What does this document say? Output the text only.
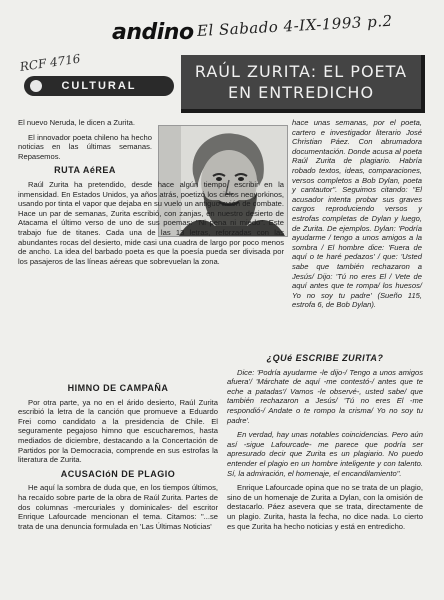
andino El Sabado 4-IX-1993 p.2
RCF 4716
CULTURAL
RAÚL ZURITA: EL POETA EN ENTREDICHO

El nuevo Neruda, le dicen a Zurita.

El innovador poeta chileno ha hecho noticias en las últimas semanas. Repasemos.

RUTA AéREA

Raúl Zurita ha pretendido, desde hace algún tiempo, escribir en la inmensidad. En Estados Unidos, ya años atrás, poetizó los cielos neoyorkinos, usando por tinta el vapor que dejaba en su vuelo un antiguo avión de combate. Hace un par de semanas, Zurita escribió, con zanjas, en nuestro desierto de Atacama el último verso de uno de sus poemas: "Ni pena ni miedo". Este trabajo fue de titanes. Cada una de las 13 letras, reforzadas con las abundantes rocas del desierto, mide casi una cuadra de largo por poco menos de ancho. La idea del barbado poeta es que la poesía pueda ser divisada por los pasajeros de las líneas aéreas que sobrevuelan la zona.

hace unas semanas, por el poeta, cartero e investigador literario José Christian Páez. Con abrumadora documentación. Donde acusa al poeta Raúl Zurita de plagiario. Habría robado textos, ideas, comparaciones, versos completos a Bob Dylan, poeta y cantautor". Seguimos citando: "El acusador intenta probar sus graves cargos reproduciendo versos y estrofas completas de Dylan y luego, de Zurita. De ejemplos. Dylan: 'Podría ayudarme / tengo a unos amigos a la sombra / El hombre dice: 'Fuera de aquí o te haré pedazos' / que: 'Usted sabe que también rechazaron a Jesús/ Dijo: 'Tú no eres El / Vete de aquí antes que te rompa/ los huesos/ Yo no soy tu padre' (Sueño 115, estrofa 6, de Bob Dylan).

HIMNO DE CAMPAÑA

Por otra parte, ya no en el árido desierto, Raúl Zurita escribió la letra de la canción que promueve a Eduardo Frei como candidato a la presidencia de Chile. El seguramente pegajoso himno que escucharemos, hasta mediados de diciembre, destacando a la Concertación de Partidos por la Democracia, comprende en sus estrofas la literatura de Zurita.

ACUSACIóN DE PLAGIO

He aquí la sombra de duda que, en los tiempos últimos, ha recaído sobre parte de la obra de Raúl Zurita. Partes de dos columnas -mercuriales y dominicales- del escritor Enrique Lafourcade mencionan el tema. Citamos: "...se trata de una denuncia formulada en 'Las Últimas Noticias'

¿QUé ESCRIBE ZURITA?

Dice: 'Podría ayudarme -le dijo-/ Tengo a unos amigos afuera'/ 'Márchate de aquí -me contestó-/ antes que te eche a patadas'/ Vamos -le observé-, usted sabe/ que también rechazaron a Jesús/ 'Tú no eres El -me respondió-/ Andate o te rompo la crisma/ Yo no soy tu padre'.

En verdad, hay unas notables coincidencias. Pero aún así -sigue Lafourcade- me parece que podría ser apresurado decir que Zurita es un plagiario. No puedo entender el plagio en un hombre inteligente y con talento. Sí, la admiración, el homenaje, el encandilamiento".

Enrique Lafourcade opina que no se trata de un plagio, sino de un homenaje de Zurita a Dylan, con la omisión de destacarlo. Páez asevera que se trata, directamente de un plagio. Zurita, hasta la fecha, no dice nada. Lo cierto es que Zurita ha hecho noticias y está en entredicho.
